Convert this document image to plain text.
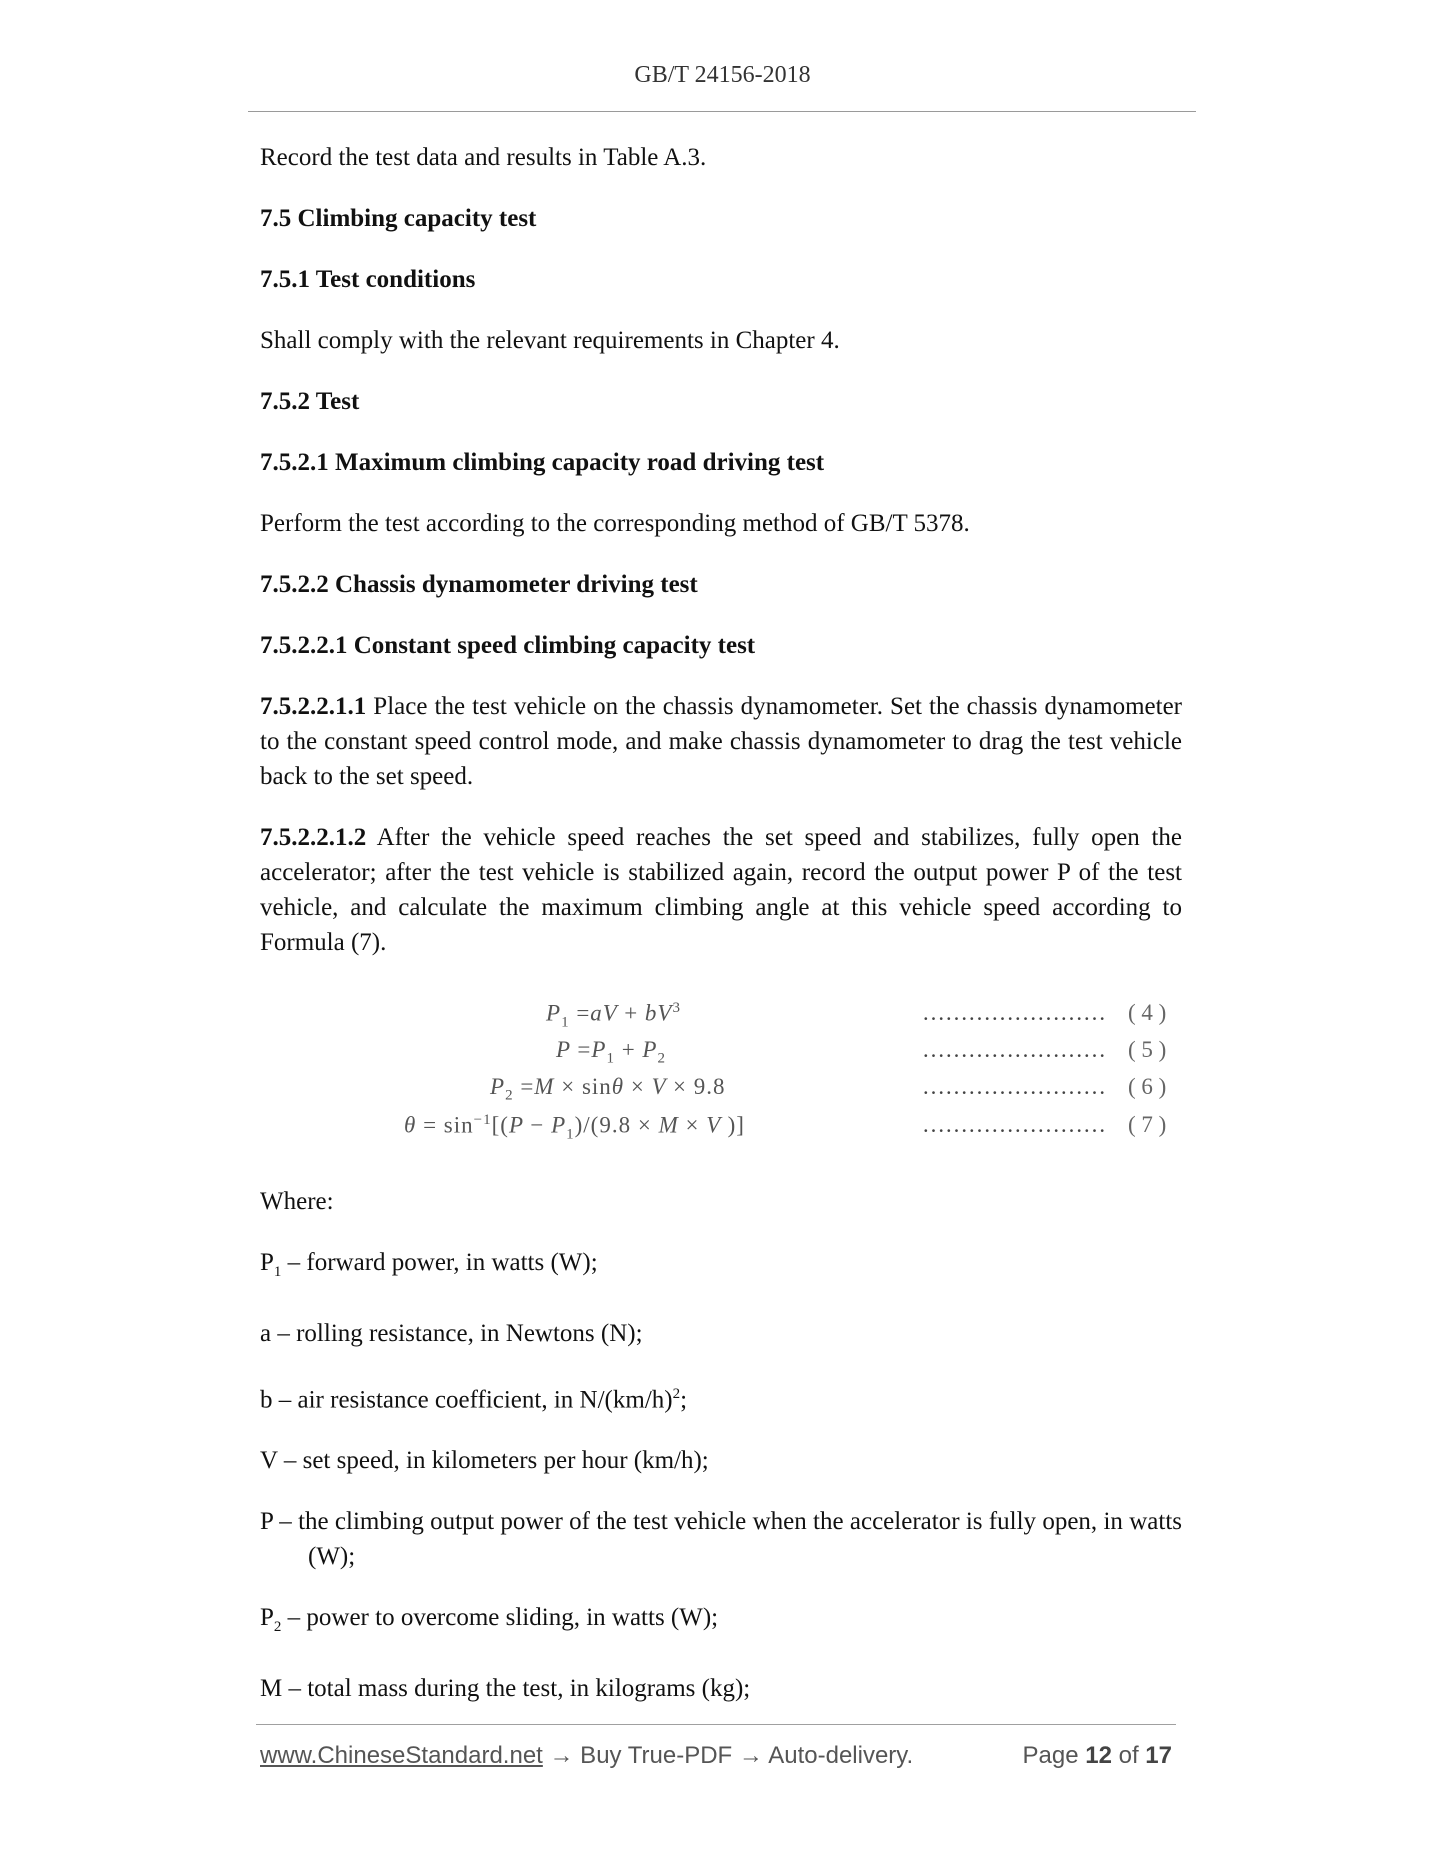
GB/T 24156-2018

Record the test data and results in Table A.3.

7.5 Climbing capacity test

7.5.1 Test conditions

Shall comply with the relevant requirements in Chapter 4.

7.5.2 Test

7.5.2.1 Maximum climbing capacity road driving test

Perform the test according to the corresponding method of GB/T 5378.

7.5.2.2 Chassis dynamometer driving test

7.5.2.2.1 Constant speed climbing capacity test

7.5.2.2.1.1 Place the test vehicle on the chassis dynamometer. Set the chassis dynamometer to the constant speed control mode, and make chassis dynamometer to drag the test vehicle back to the set speed.

7.5.2.2.1.2 After the vehicle speed reaches the set speed and stabilizes, fully open the accelerator; after the test vehicle is stabilized again, record the output power P of the test vehicle, and calculate the maximum climbing angle at this vehicle speed according to Formula (7).

$P_1 =aV + bV^3$	…………………… ( 4 )
$P =P_1 + P_2$	…………………… ( 5 )
$P_2 =M \times \sin\theta \times V \times 9.8$	…………………… ( 6 )
$\theta = \sin^{-1}[(P - P_1)/(9.8 \times M \times V$ )]	…………………… ( 7 )

Where:

$P_1$ – forward power, in watts (W);

a – rolling resistance, in Newtons (N);

b – air resistance coefficient, in $N/(km/h)^2$;

V – set speed, in kilometers per hour (km/h);

P – the climbing output power of the test vehicle when the accelerator is fully open, in watts (W);

$P_2$ – power to overcome sliding, in watts (W);

M – total mass during the test, in kilograms (kg);

www.ChineseStandard.net → Buy True-PDF → Auto-delivery.	Page 12 of 17
